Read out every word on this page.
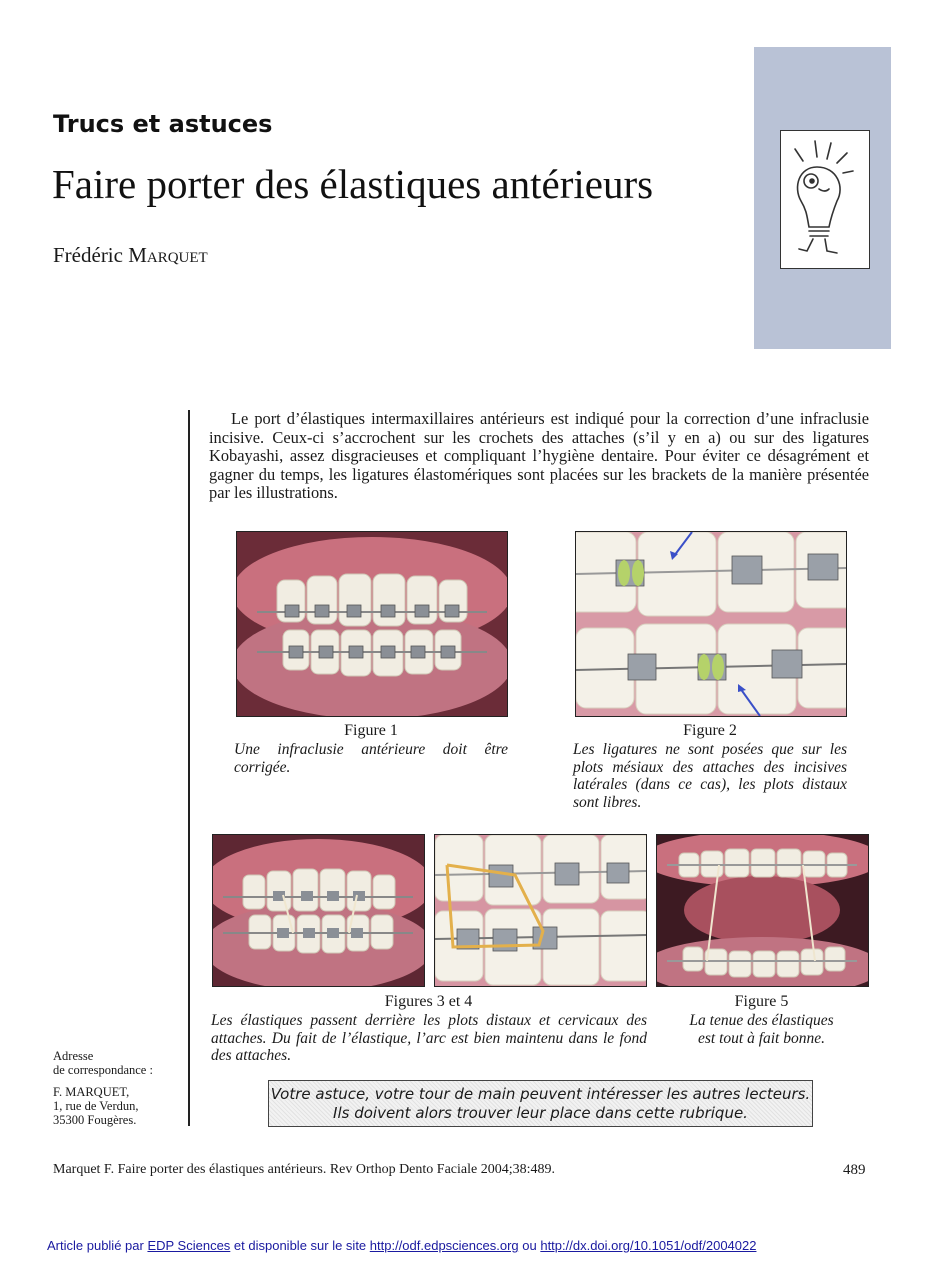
Trucs et astuces
Faire porter des élastiques antérieurs
Frédéric Marquet
Le port d’élastiques intermaxillaires antérieurs est indiqué pour la correction d’une infraclusie incisive. Ceux-ci s’accrochent sur les crochets des attaches (s’il y en a) ou sur des ligatures Kobayashi, assez disgracieuses et compliquant l’hygiène dentaire. Pour éviter ce désagrément et gagner du temps, les ligatures élastomériques sont placées sur les brackets de la manière présentée par les illustrations.
Figure 1
Une infraclusie antérieure doit être corrigée.
Figure 2
Les ligatures ne sont posées que sur les plots mésiaux des attaches des incisives latérales (dans ce cas), les plots distaux sont libres.
Figures 3 et 4
Les élastiques passent derrière les plots distaux et cervicaux des attaches. Du fait de l’élastique, l’arc est bien maintenu dans le fond des attaches.
Figure 5
La tenue des élastiques
est tout à fait bonne.
Adresse
de correspondance :
F. MARQUET,
1, rue de Verdun,
35300 Fougères.
Votre astuce, votre tour de main peuvent intéresser les autres lecteurs.
Ils doivent alors trouver leur place dans cette rubrique.
Marquet F. Faire porter des élastiques antérieurs. Rev Orthop Dento Faciale 2004;38:489.	489
Article publié par EDP Sciences et disponible sur le site http://odf.edpsciences.org ou http://dx.doi.org/10.1051/odf/2004022
